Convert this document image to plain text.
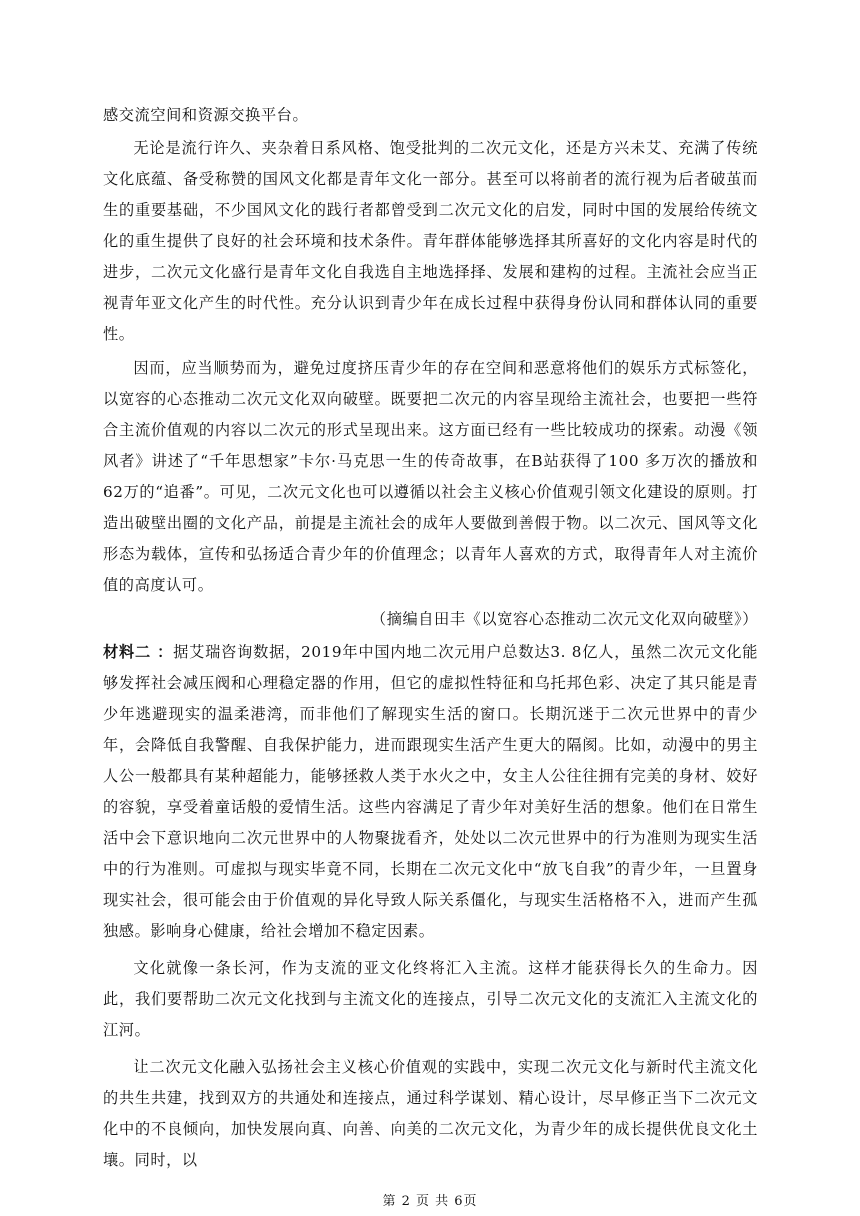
感交流空间和资源交换平台。

无论是流行许久、夹杂着日系风格、饱受批判的二次元文化，还是方兴未艾、充满了传统文化底蕴、备受称赞的国风文化都是青年文化一部分。甚至可以将前者的流行视为后者破茧而生的重要基础，不少国风文化的践行者都曾受到二次元文化的启发，同时中国的发展给传统文化的重生提供了良好的社会环境和技术条件。青年群体能够选择其所喜好的文化内容是时代的进步，二次元文化盛行是青年文化自我选自主地选择择、发展和建构的过程。主流社会应当正视青年亚文化产生的时代性。充分认识到青少年在成长过程中获得身份认同和群体认同的重要性。

因而，应当顺势而为，避免过度挤压青少年的存在空间和恶意将他们的娱乐方式标签化，以宽容的心态推动二次元文化双向破壁。既要把二次元的内容呈现给主流社会，也要把一些符合主流价值观的内容以二次元的形式呈现出来。这方面已经有一些比较成功的探索。动漫《领风者》讲述了“千年思想家”卡尔·马克思一生的传奇故事，在B站获得了100 多万次的播放和62万的“追番”。可见，二次元文化也可以遵循以社会主义核心价值观引领文化建设的原则。打造出破壁出圈的文化产品，前提是主流社会的成年人要做到善假于物。以二次元、国风等文化形态为载体，宣传和弘扬适合青少年的价值理念；以青年人喜欢的方式，取得青年人对主流价值的高度认可。

（摘编自田丰《以宽容心态推动二次元文化双向破壁》）

材料二 ：据艾瑞咨询数据，2019年中国内地二次元用户总数达3. 8亿人，虽然二次元文化能够发挥社会减压阀和心理稳定器的作用，但它的虚拟性特征和乌托邦色彩、决定了其只能是青少年逃避现实的温柔港湾，而非他们了解现实生活的窗口。长期沉迷于二次元世界中的青少年，会降低自我警醒、自我保护能力，进而跟现实生活产生更大的隔阂。比如，动漫中的男主人公一般都具有某种超能力，能够拯救人类于水火之中，女主人公往往拥有完美的身材、姣好的容貌，享受着童话般的爱情生活。这些内容满足了青少年对美好生活的想象。他们在日常生活中会下意识地向二次元世界中的人物聚拢看齐，处处以二次元世界中的行为准则为现实生活中的行为准则。可虚拟与现实毕竟不同，长期在二次元文化中“放飞自我”的青少年，一旦置身现实社会，很可能会由于价值观的异化导致人际关系僵化，与现实生活格格不入，进而产生孤独感。影响身心健康，给社会增加不稳定因素。

文化就像一条长河，作为支流的亚文化终将汇入主流。这样才能获得长久的生命力。因此，我们要帮助二次元文化找到与主流文化的连接点，引导二次元文化的支流汇入主流文化的江河。

让二次元文化融入弘扬社会主义核心价值观的实践中，实现二次元文化与新时代主流文化的共生共建，找到双方的共通处和连接点，通过科学谋划、精心设计，尽早修正当下二次元文化中的不良倾向，加快发展向真、向善、向美的二次元文化，为青少年的成长提供优良文化土壤。同时，以

第 2 页 共 6页
